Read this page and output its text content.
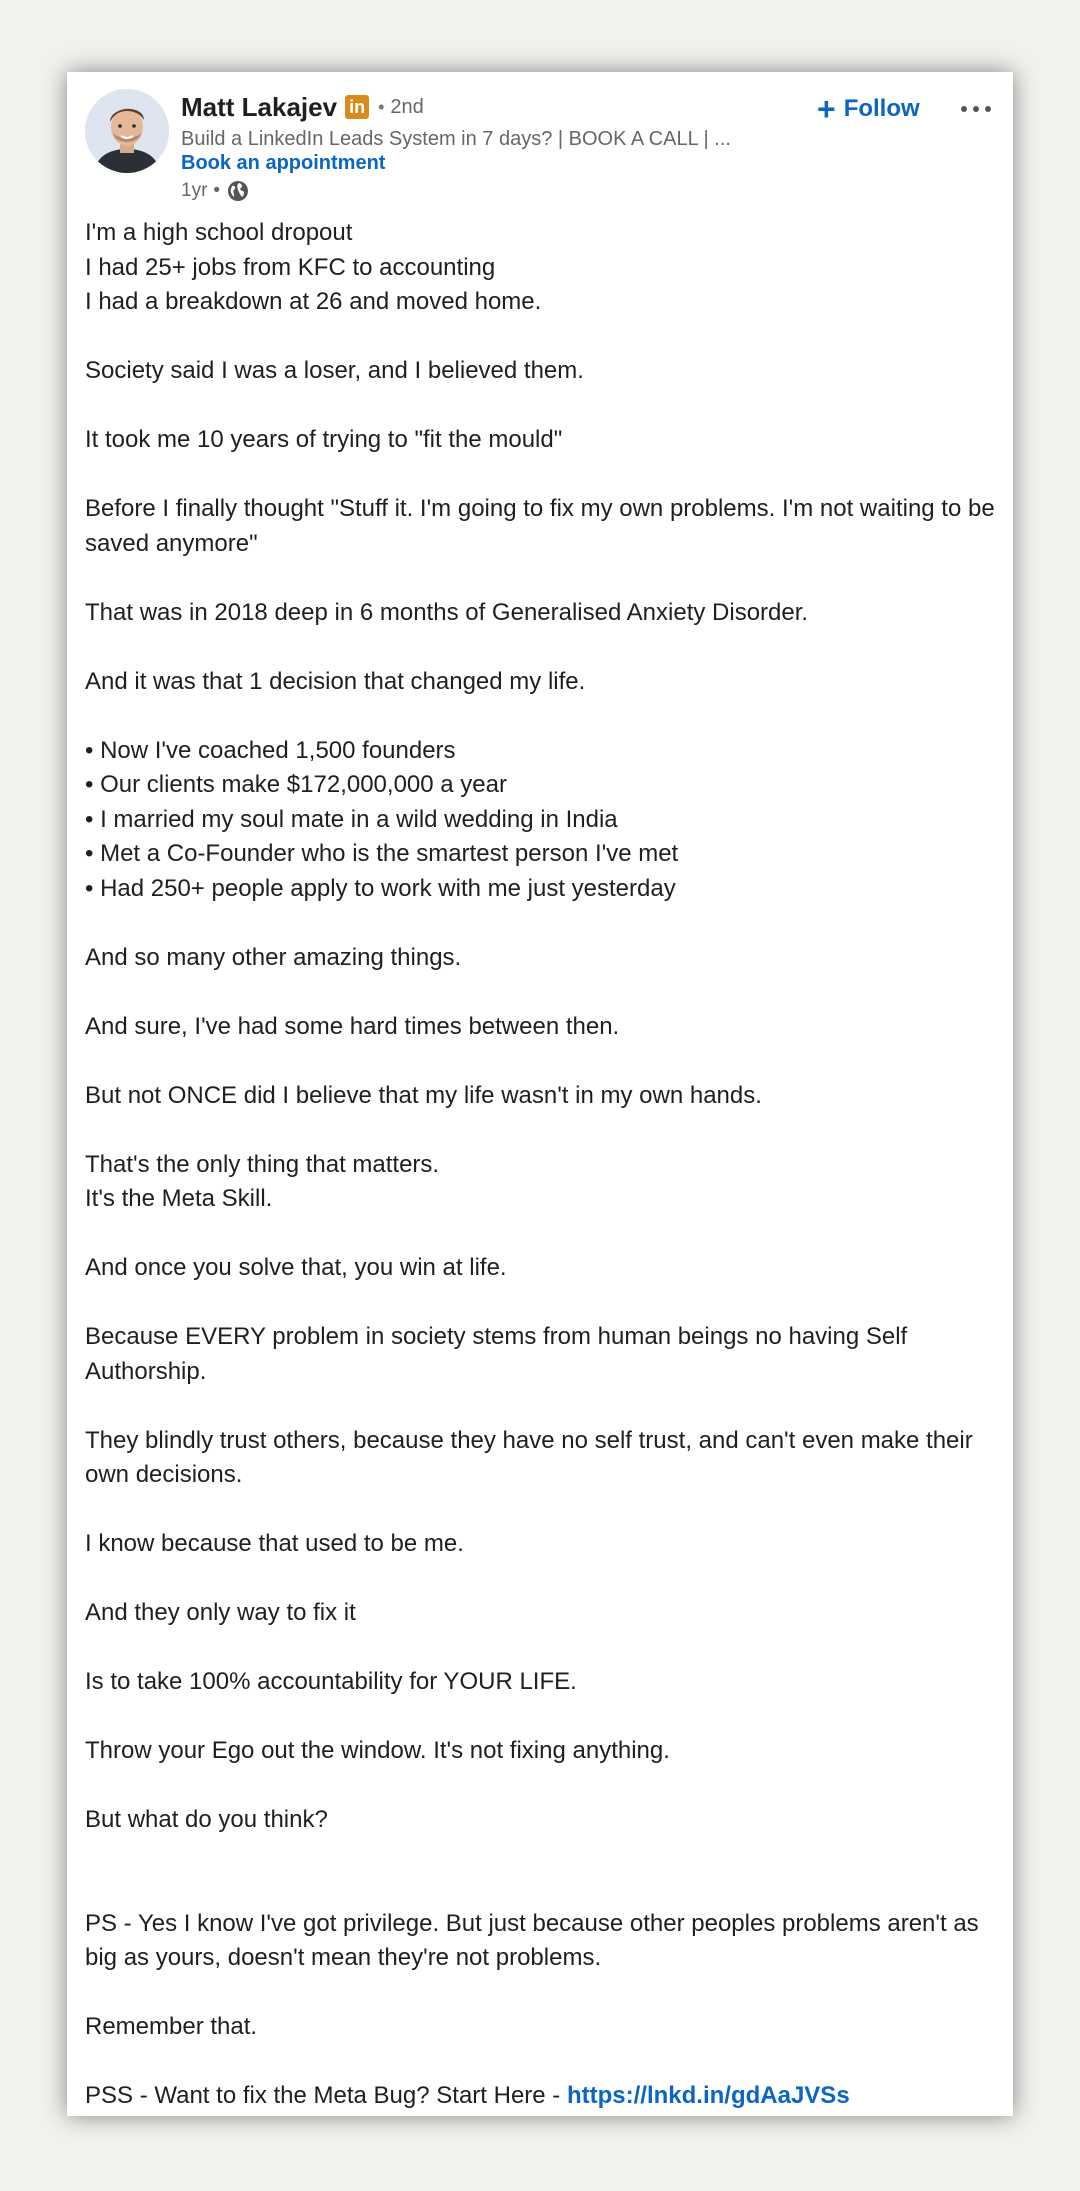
Matt Lakajev in • 2nd
Build a LinkedIn Leads System in 7 days? | BOOK A CALL | ...
Book an appointment
1yr •
+ Follow

I'm a high school dropout

I had 25+ jobs from KFC to accounting

I had a breakdown at 26 and moved home.

Society said I was a loser, and I believed them.

It took me 10 years of trying to "fit the mould"

Before I finally thought "Stuff it. I'm going to fix my own problems. I'm not waiting to be saved anymore"

That was in 2018 deep in 6 months of Generalised Anxiety Disorder.

And it was that 1 decision that changed my life.

• Now I've coached 1,500 founders

• Our clients make $172,000,000 a year

• I married my soul mate in a wild wedding in India

• Met a Co-Founder who is the smartest person I've met

• Had 250+ people apply to work with me just yesterday

And so many other amazing things.

And sure, I've had some hard times between then.

But not ONCE did I believe that my life wasn't in my own hands.

That's the only thing that matters.

It's the Meta Skill.

And once you solve that, you win at life.

Because EVERY problem in society stems from human beings no having Self Authorship.

They blindly trust others, because they have no self trust, and can't even make their own decisions.

I know because that used to be me.

And they only way to fix it

Is to take 100% accountability for YOUR LIFE.

Throw your Ego out the window. It's not fixing anything.

But what do you think?

PS - Yes I know I've got privilege. But just because other peoples problems aren't as big as yours, doesn't mean they're not problems.

Remember that.

PSS - Want to fix the Meta Bug? Start Here - https://lnkd.in/gdAaJVSs
